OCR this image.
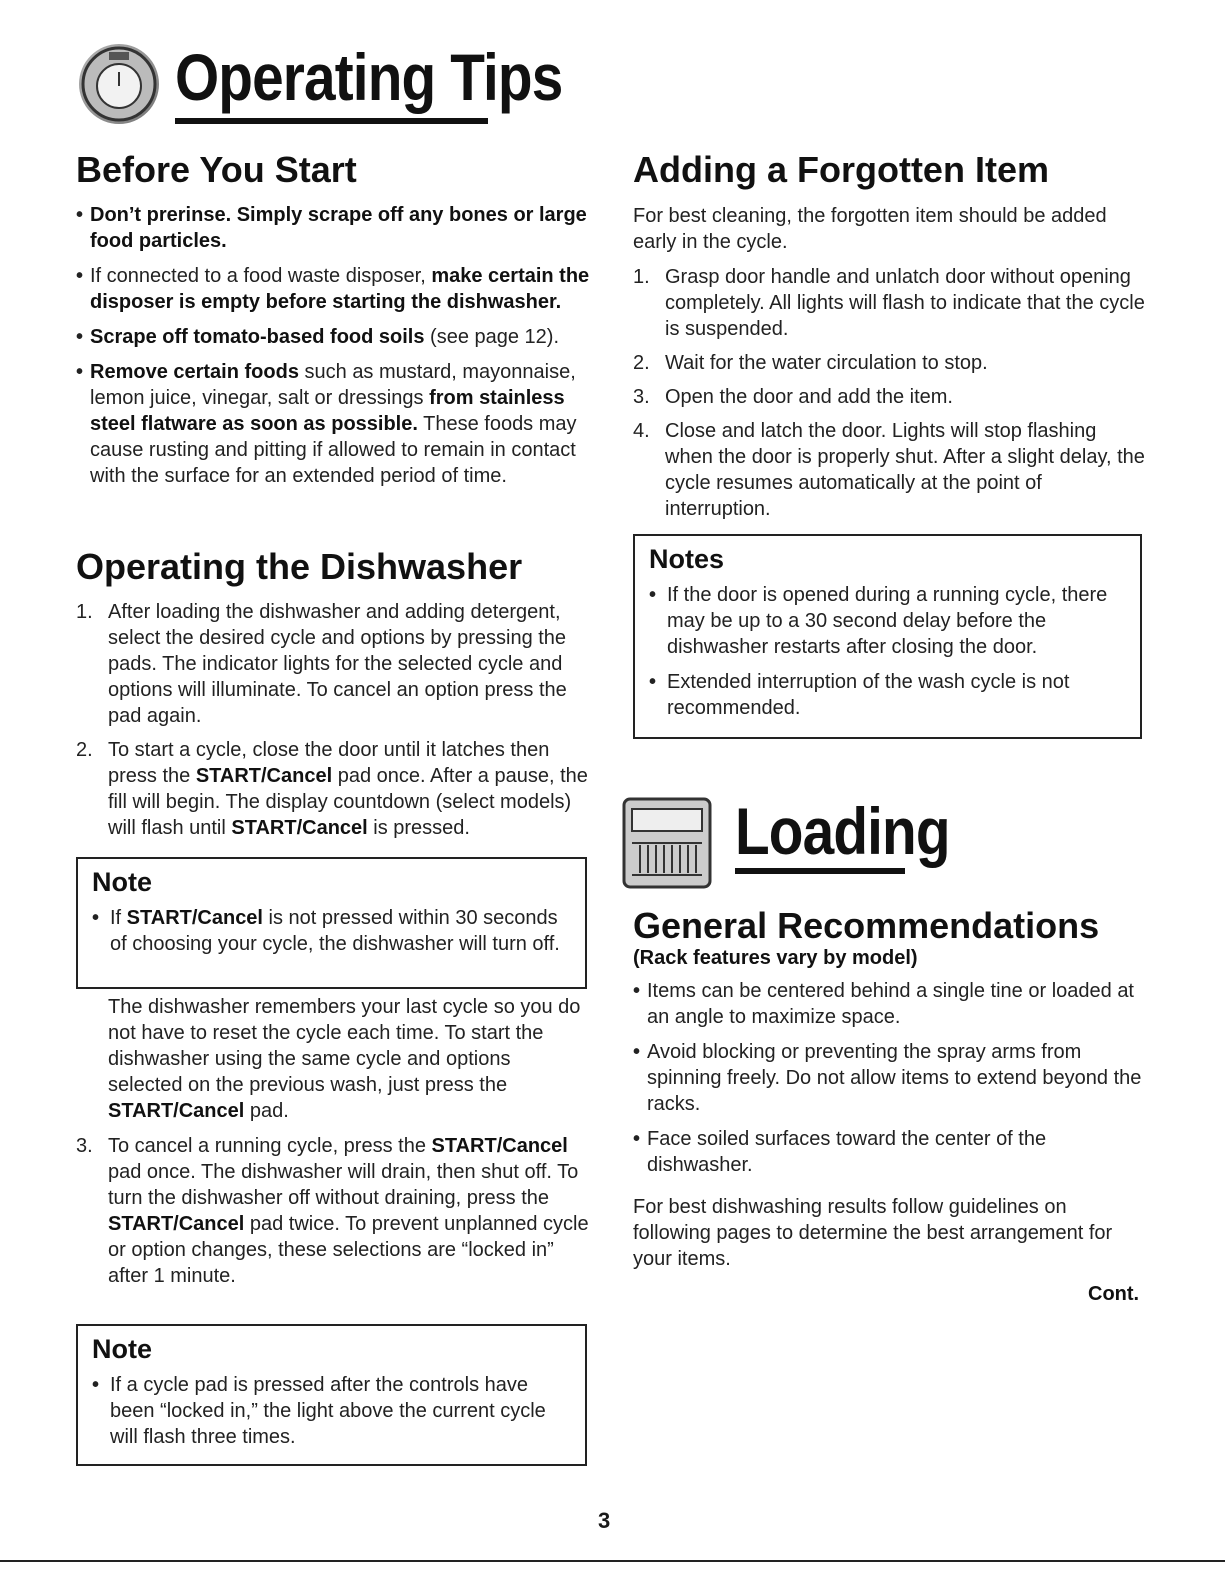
Operating Tips
Before You Start
• Don’t prerinse. Simply scrape off any bones or large food particles.
• If connected to a food waste disposer, make certain the disposer is empty before starting the dishwasher.
• Scrape off tomato-based food soils (see page 12).
• Remove certain foods such as mustard, mayonnaise, lemon juice, vinegar, salt or dressings from stainless steel flatware as soon as possible. These foods may cause rusting and pitting if allowed to remain in contact with the surface for an extended period of time.
Operating the Dishwasher
1. After loading the dishwasher and adding detergent, select the desired cycle and options by pressing the pads. The indicator lights for the selected cycle and options will illuminate. To cancel an option press the pad again.
2. To start a cycle, close the door until it latches then press the START/Cancel pad once. After a pause, the fill will begin. The display countdown (select models) will flash until START/Cancel is pressed.
Note
• If START/Cancel is not pressed within 30 seconds of choosing your cycle, the dishwasher will turn off.
The dishwasher remembers your last cycle so you do not have to reset the cycle each time. To start the dishwasher using the same cycle and options selected on the previous wash, just press the START/Cancel pad.
3. To cancel a running cycle, press the START/Cancel pad once. The dishwasher will drain, then shut off. To turn the dishwasher off without draining, press the START/Cancel pad twice. To prevent unplanned cycle or option changes, these selections are “locked in” after 1 minute.
Note
• If a cycle pad is pressed after the controls have been “locked in,” the light above the current cycle will flash three times.
Adding a Forgotten Item
For best cleaning, the forgotten item should be added early in the cycle.
1. Grasp door handle and unlatch door without opening completely. All lights will flash to indicate that the cycle is suspended.
2. Wait for the water circulation to stop.
3. Open the door and add the item.
4. Close and latch the door. Lights will stop flashing when the door is properly shut. After a slight delay, the cycle resumes automatically at the point of interruption.
Notes
• If the door is opened during a running cycle, there may be up to a 30 second delay before the dishwasher restarts after closing the door.
• Extended interruption of the wash cycle is not recommended.
Loading
General Recommendations
(Rack features vary by model)
• Items can be centered behind a single tine or loaded at an angle to maximize space.
• Avoid blocking or preventing the spray arms from spinning freely. Do not allow items to extend beyond the racks.
• Face soiled surfaces toward the center of the dishwasher.
For best dishwashing results follow guidelines on following pages to determine the best arrangement for your items.
Cont.
3
